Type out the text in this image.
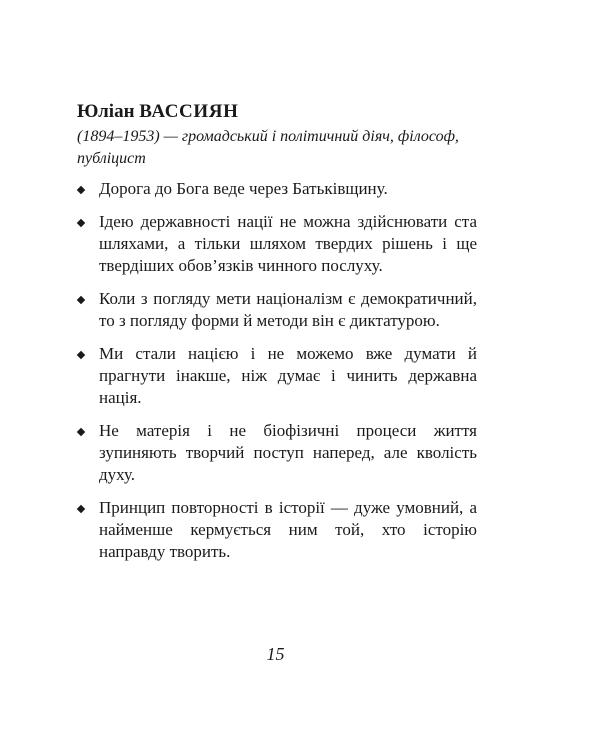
Юліан ВАССИЯН
(1894–1953) — громадський і політичний діяч, філософ, публіцист

Дорога до Бога веде через Батьківщину.

Ідею державності нації не можна здійснювати ста шляхами, а тільки шляхом твердих рішень і ще твердіших обов’язків чинного послуху.

Коли з погляду мети націоналізм є демократичний, то з погляду форми й методи він є диктатурою.

Ми стали нацією і не можемо вже думати й прагнути інакше, ніж думає і чинить державна нація.

Не матерія і не біофізичні процеси життя зупиняють творчий поступ наперед, але кволість духу.

Принцип повторності в історії — дуже умовний, а найменше кермується ним той, хто історію направду творить.

15
